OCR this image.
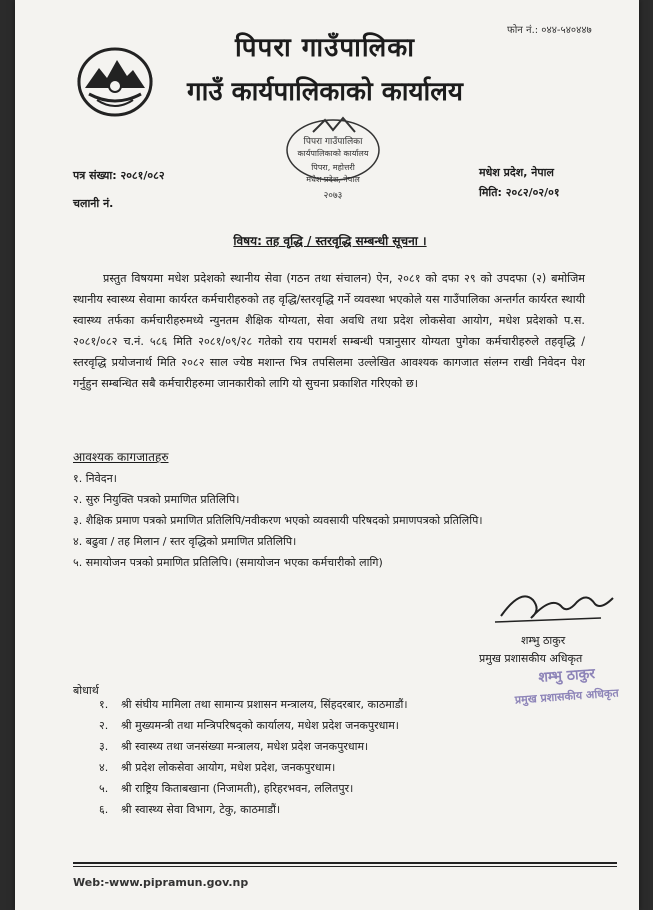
फोन नं.: ०४४-५४०४४७
पिपरा गाउँपालिका
गाउँ कार्यपालिकाको कार्यालय
पिपरा गाउँपालिका
कार्यपालिकाको कार्यालय
पिपरा, महोत्तरी
मधेश प्रदेश, नेपाल
२०७३
पत्र संख्या: २०८१/०८२
चलानी नं.
मधेश प्रदेश, नेपाल
मिति: २०८२/०२/०१
विषय: तह वृद्धि / स्तरवृद्धि सम्बन्धी सूचना ।
प्रस्तुत विषयमा मधेश प्रदेशको स्थानीय सेवा (गठन तथा संचालन) ऐन, २०८१ को दफा २९ को उपदफा (२) बमोजिम स्थानीय स्वास्थ्य सेवामा कार्यरत कर्मचारीहरुको तह वृद्धि/स्तरवृद्धि गर्ने व्यवस्था भएकोले यस गाउँपालिका अन्तर्गत कार्यरत स्थायी स्वास्थ्य तर्फका कर्मचारीहरुमध्ये न्युनतम शैक्षिक योग्यता, सेवा अवधि तथा प्रदेश लोकसेवा आयोग, मधेश प्रदेशको प.स. २०८१/०८२ च.नं. ५८६ मिति २०८१/०९/२८ गतेको राय परामर्श सम्बन्धी पत्रानुसार योग्यता पुगेका कर्मचारीहरुले तहवृद्धि / स्तरवृद्धि प्रयोजनार्थ मिति २०८२ साल ज्येष्ठ मशान्त भित्र तपसिलमा उल्लेखित आवश्यक कागजात संलग्न राखी निवेदन पेश गर्नुहुन सम्बन्धित सबै कर्मचारीहरुमा जानकारीको लागि यो सुचना प्रकाशित गरिएको छ।
आवश्यक कागजातहरु
१. निवेदन।
२. सुरु नियुक्ति पत्रको प्रमाणित प्रतिलिपि।
३. शैक्षिक प्रमाण पत्रको प्रमाणित प्रतिलिपि/नवीकरण भएको व्यवसायी परिषदको प्रमाणपत्रको प्रतिलिपि।
४. बढुवा / तह मिलान / स्तर वृद्धिको प्रमाणित प्रतिलिपि।
५. समायोजन पत्रको प्रमाणित प्रतिलिपि। (समायोजन भएका कर्मचारीको लागि)
शम्भु ठाकुर
प्रमुख प्रशासकीय अधिकृत
शम्भु ठाकुर
प्रमुख प्रशासकीय अधिकृत
बोधार्थ
१. श्री संघीय मामिला तथा सामान्य प्रशासन मन्त्रालय, सिंहदरबार, काठमाडौं।
२. श्री मुख्यमन्त्री तथा मन्त्रिपरिषद्को कार्यालय, मधेश प्रदेश जनकपुरधाम।
३. श्री स्वास्थ्य तथा जनसंख्या मन्त्रालय, मधेश प्रदेश जनकपुरधाम।
४. श्री प्रदेश लोकसेवा आयोग, मधेश प्रदेश, जनकपुरधाम।
५. श्री राष्ट्रिय किताबखाना (निजामती), हरिहरभवन, ललितपुर।
६. श्री स्वास्थ्य सेवा विभाग, टेकु, काठमाडौं।
Web:-www.pipramun.gov.np
